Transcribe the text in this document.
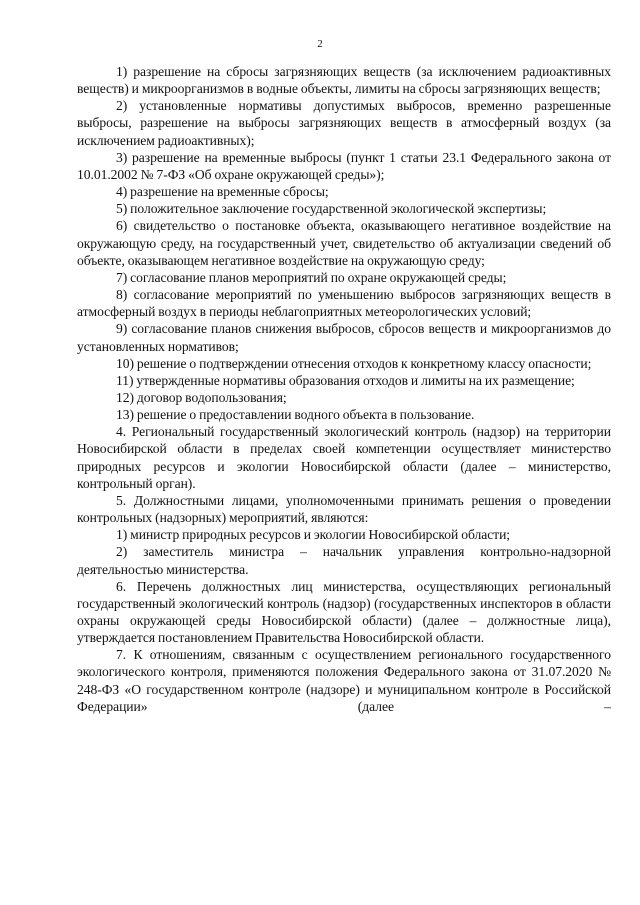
2

1) разрешение на сбросы загрязняющих веществ (за исключением радиоактивных веществ) и микроорганизмов в водные объекты, лимиты на сбросы загрязняющих веществ;

2) установленные нормативы допустимых выбросов, временно разрешенные выбросы, разрешение на выбросы загрязняющих веществ в атмосферный воздух (за исключением радиоактивных);

3) разрешение на временные выбросы (пункт 1 статьи 23.1 Федерального закона от 10.01.2002 № 7-ФЗ «Об охране окружающей среды»);

4) разрешение на временные сбросы;

5) положительное заключение государственной экологической экспертизы;

6) свидетельство о постановке объекта, оказывающего негативное воздействие на окружающую среду, на государственный учет, свидетельство об актуализации сведений об объекте, оказывающем негативное воздействие на окружающую среду;

7) согласование планов мероприятий по охране окружающей среды;

8) согласование мероприятий по уменьшению выбросов загрязняющих веществ в атмосферный воздух в периоды неблагоприятных метеорологических условий;

9) согласование планов снижения выбросов, сбросов веществ и микроорганизмов до установленных нормативов;

10) решение о подтверждении отнесения отходов к конкретному классу опасности;

11) утвержденные нормативы образования отходов и лимиты на их размещение;

12) договор водопользования;

13) решение о предоставлении водного объекта в пользование.

4. Региональный государственный экологический контроль (надзор) на территории Новосибирской области в пределах своей компетенции осуществляет министерство природных ресурсов и экологии Новосибирской области (далее – министерство, контрольный орган).

5. Должностными лицами, уполномоченными принимать решения о проведении контрольных (надзорных) мероприятий, являются:

1) министр природных ресурсов и экологии Новосибирской области;

2) заместитель министра – начальник управления контрольно-надзорной деятельностью министерства.

6. Перечень должностных лиц министерства, осуществляющих региональный государственный экологический контроль (надзор) (государственных инспекторов в области охраны окружающей среды Новосибирской области) (далее – должностные лица), утверждается постановлением Правительства Новосибирской области.

7. К отношениям, связанным с осуществлением регионального государственного экологического контроля, применяются положения Федерального закона от 31.07.2020 № 248-ФЗ «О государственном контроле (надзоре) и муниципальном контроле в Российской Федерации» (далее –
